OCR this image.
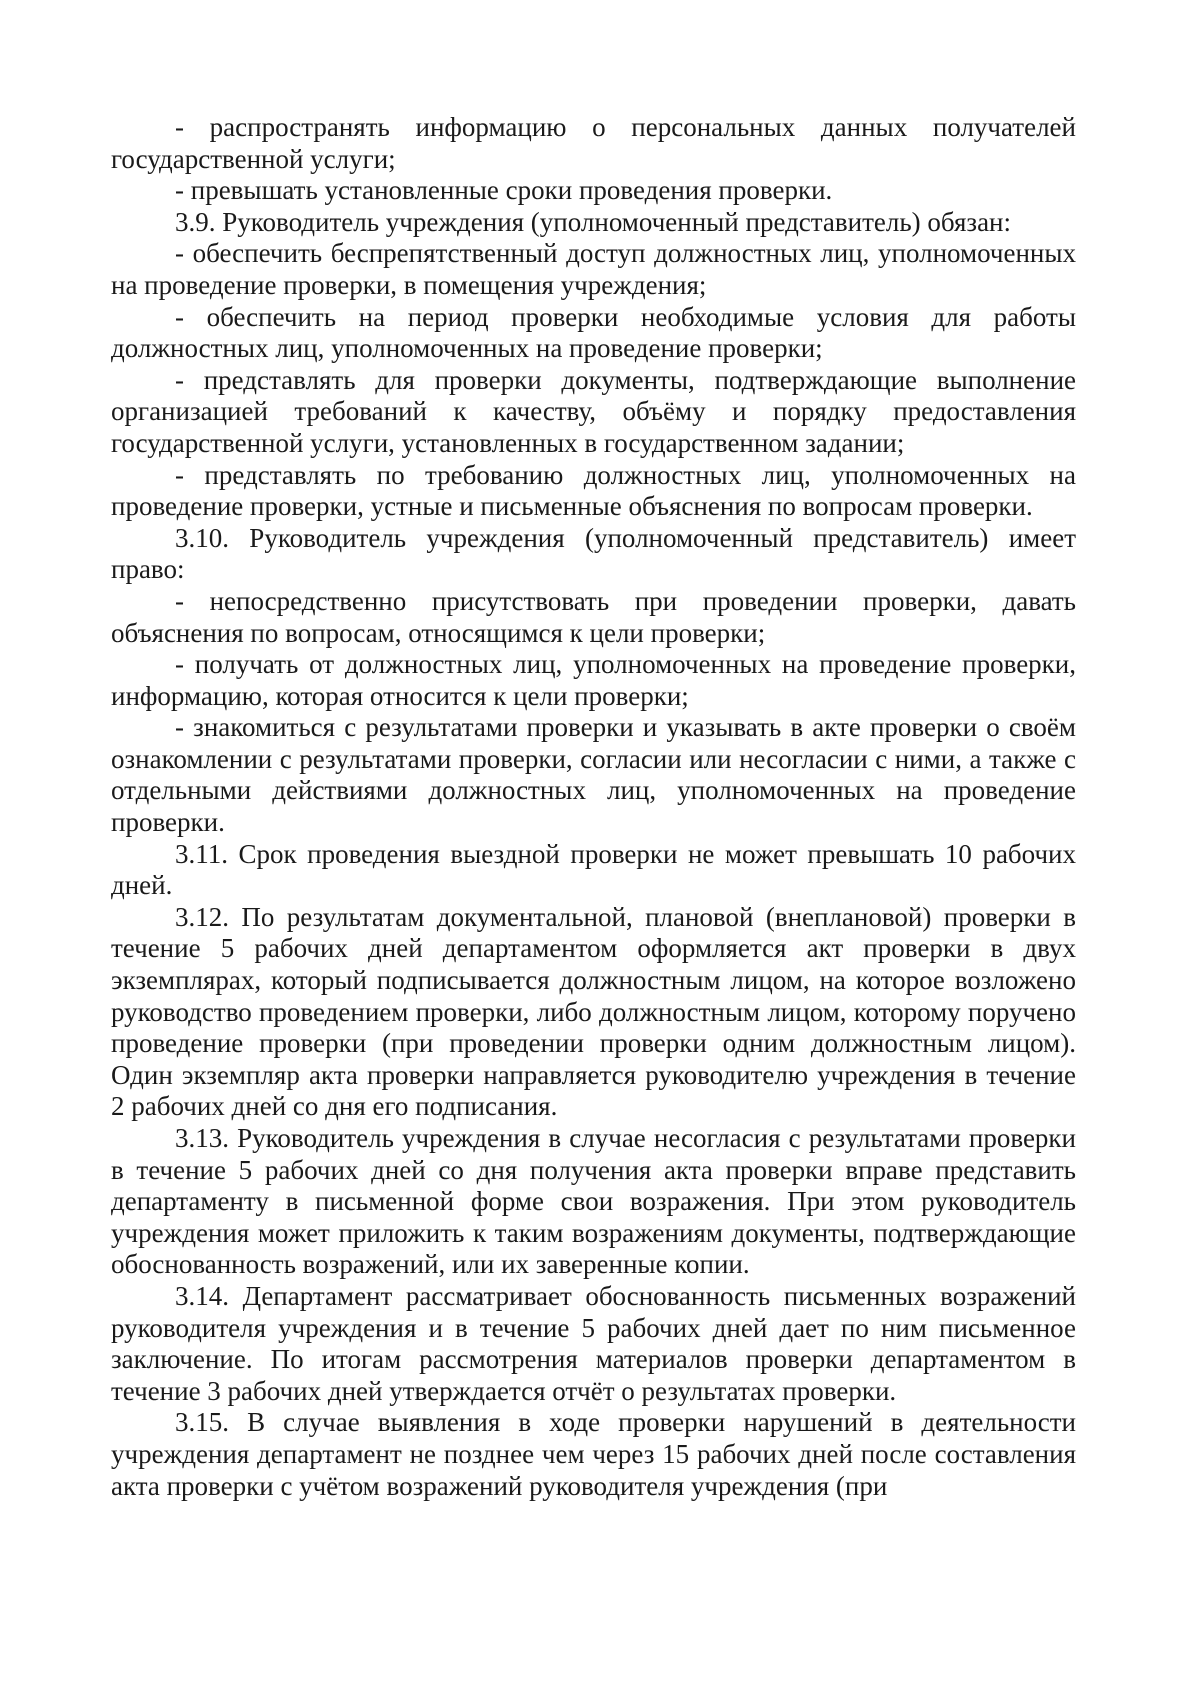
- распространять информацию о персональных данных получателей государственной услуги;

- превышать установленные сроки проведения проверки.

3.9. Руководитель учреждения (уполномоченный представитель) обязан:

- обеспечить беспрепятственный доступ должностных лиц, уполномоченных на проведение проверки, в помещения учреждения;

- обеспечить на период проверки необходимые условия для работы должностных лиц, уполномоченных на проведение проверки;

- представлять для проверки документы, подтверждающие выполнение организацией требований к качеству, объёму и порядку предоставления государственной услуги, установленных в государственном задании;

- представлять по требованию должностных лиц, уполномоченных на проведение проверки, устные и письменные объяснения по вопросам проверки.

3.10. Руководитель учреждения (уполномоченный представитель) имеет право:

- непосредственно присутствовать при проведении проверки, давать объяснения по вопросам, относящимся к цели проверки;

- получать от должностных лиц, уполномоченных на проведение проверки, информацию, которая относится к цели проверки;

- знакомиться с результатами проверки и указывать в акте проверки о своём ознакомлении с результатами проверки, согласии или несогласии с ними, а также с отдельными действиями должностных лиц, уполномоченных на проведение проверки.

3.11. Срок проведения выездной проверки не может превышать 10 рабочих дней.

3.12. По результатам документальной, плановой (внеплановой) проверки в течение 5 рабочих дней департаментом оформляется акт проверки в двух экземплярах, который подписывается должностным лицом, на которое возложено руководство проведением проверки, либо должностным лицом, которому поручено проведение проверки (при проведении проверки одним должностным лицом). Один экземпляр акта проверки направляется руководителю учреждения в течение 2 рабочих дней со дня его подписания.

3.13. Руководитель учреждения в случае несогласия с результатами проверки в течение 5 рабочих дней со дня получения акта проверки вправе представить департаменту в письменной форме свои возражения. При этом руководитель учреждения может приложить к таким возражениям документы, подтверждающие обоснованность возражений, или их заверенные копии.

3.14. Департамент рассматривает обоснованность письменных возражений руководителя учреждения и в течение 5 рабочих дней дает по ним письменное заключение. По итогам рассмотрения материалов проверки департаментом в течение 3 рабочих дней утверждается отчёт о результатах проверки.

3.15. В случае выявления в ходе проверки нарушений в деятельности учреждения департамент не позднее чем через 15 рабочих дней после составления акта проверки с учётом возражений руководителя учреждения (при
